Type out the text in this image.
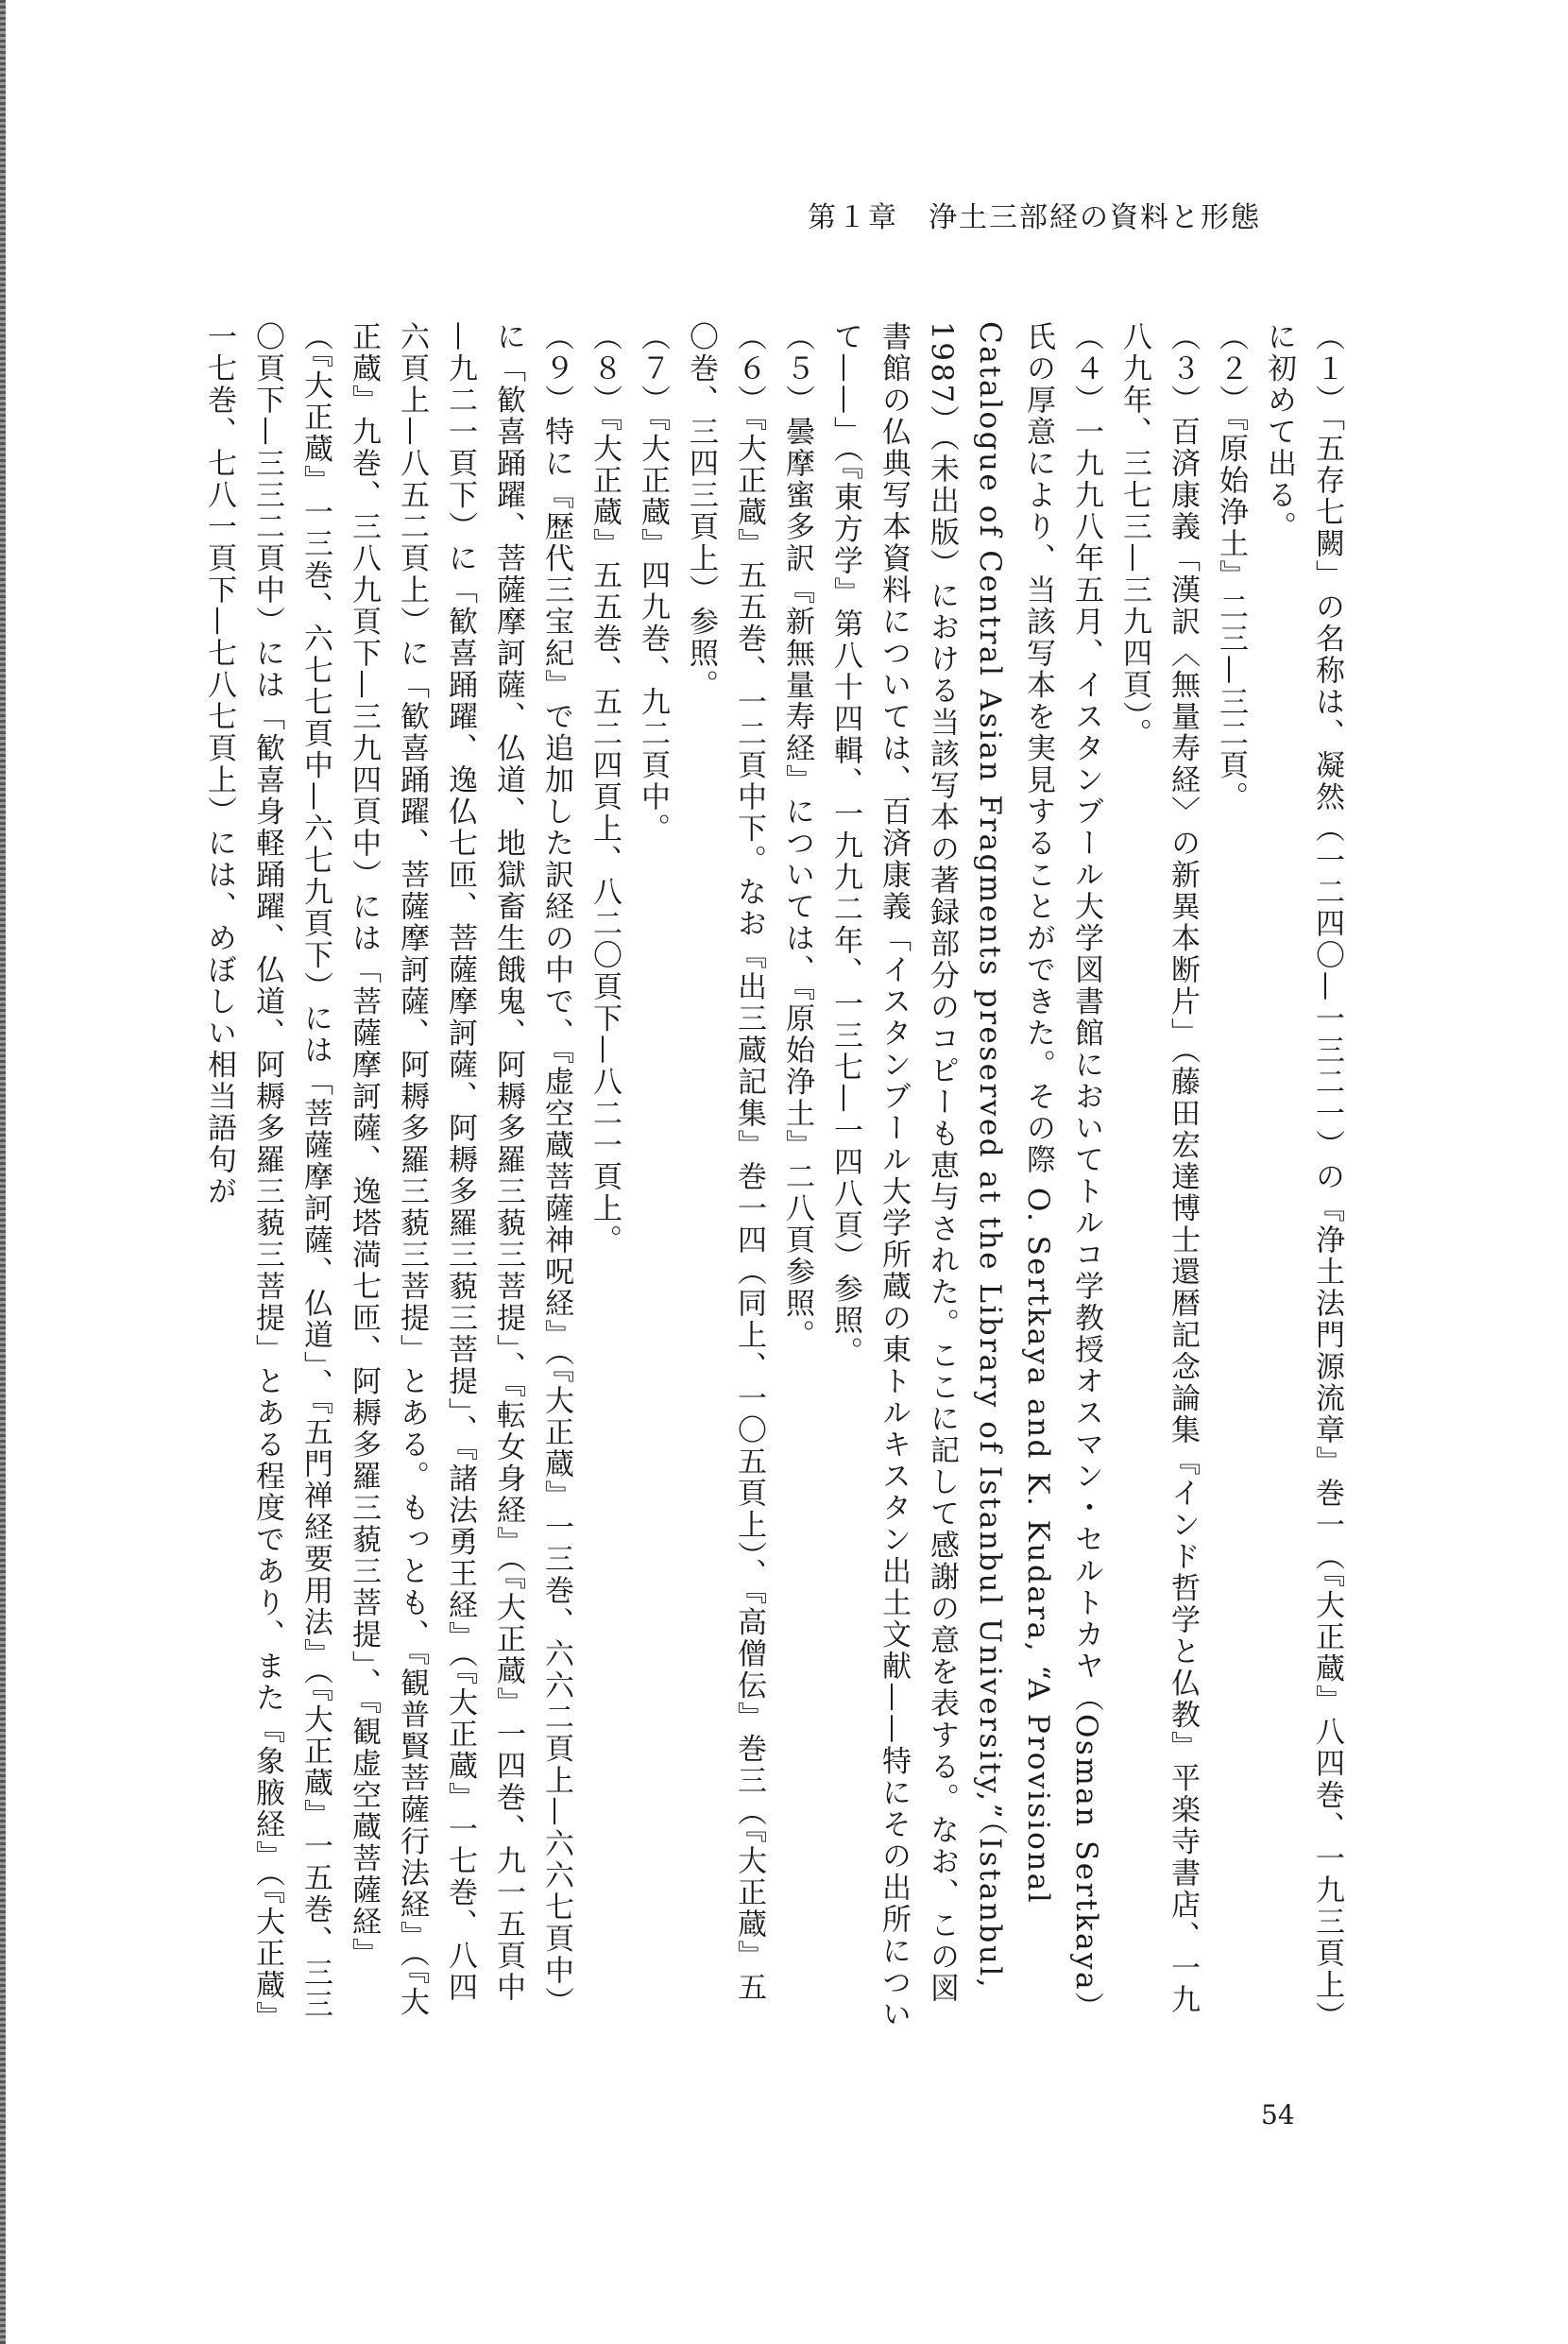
第１章　浄土三部経の資料と形態

（１）「五存七闕」の名称は、凝然（一二四〇—一三二一）の『浄土法門源流章』巻一（『大正蔵』八四巻、一九三頁上）に初めて出る。

（２）『原始浄土』二三—三二頁。

（３）百済康義「漢訳〈無量寿経〉の新異本断片」（藤田宏達博士還暦記念論集『インド哲学と仏教』平楽寺書店、一九八九年、三七三—三九四頁）。

（４）一九九八年五月、イスタンブール大学図書館においてトルコ学教授オスマン・セルトカヤ（Osman Sertkaya）氏の厚意により、当該写本を実見することができた。その際 O. Sertkaya and K. Kudara, “A Provisional Catalogue of Central Asian Fragments preserved at the Library of Istanbul University,”（Istanbul, 1987）（未出版）における当該写本の著録部分のコピーも恵与された。ここに記して感謝の意を表する。なお、この図書館の仏典写本資料については、百済康義「イスタンブール大学所蔵の東トルキスタン出土文献——特にその出所について——」（『東方学』第八十四輯、一九九二年、一三七—一四八頁）参照。

（５）曇摩蜜多訳『新無量寿経』については、『原始浄土』二八頁参照。

（６）『大正蔵』五五巻、一二頁中下。なお『出三蔵記集』巻一四（同上、一〇五頁上）、『高僧伝』巻三（『大正蔵』五〇巻、三四三頁上）参照。

（７）『大正蔵』四九巻、九二頁中。

（８）『大正蔵』五五巻、五二四頁上、八二〇頁下—八二一頁上。

（９）特に『歴代三宝紀』で追加した訳経の中で、『虚空蔵菩薩神呪経』（『大正蔵』一三巻、六六二頁上—六六七頁中）に「歓喜踊躍、菩薩摩訶薩、仏道、地獄畜生餓鬼、阿耨多羅三藐三菩提」、『転女身経』（『大正蔵』一四巻、九一五頁中—九二一頁下）に「歓喜踊躍、逸仏七匝、菩薩摩訶薩、阿耨多羅三藐三菩提」、『諸法勇王経』（『大正蔵』一七巻、八四六頁上—八五二頁上）に「歓喜踊躍、菩薩摩訶薩、阿耨多羅三藐三菩提」とある。もっとも、『観普賢菩薩行法経』（『大正蔵』九巻、三八九頁下—三九四頁中）には「菩薩摩訶薩、逸塔満七匝、阿耨多羅三藐三菩提」、『観虚空蔵菩薩経』（『大正蔵』一三巻、六七七頁中—六七九頁下）には「菩薩摩訶薩、仏道」、『五門禅経要用法』（『大正蔵』一五巻、三三〇頁下—三三二頁中）には「歓喜身軽踊躍、仏道、阿耨多羅三藐三菩提」とある程度であり、また『象腋経』（『大正蔵』一七巻、七八一頁下—七八七頁上）には、めぼしい相当語句が

54
